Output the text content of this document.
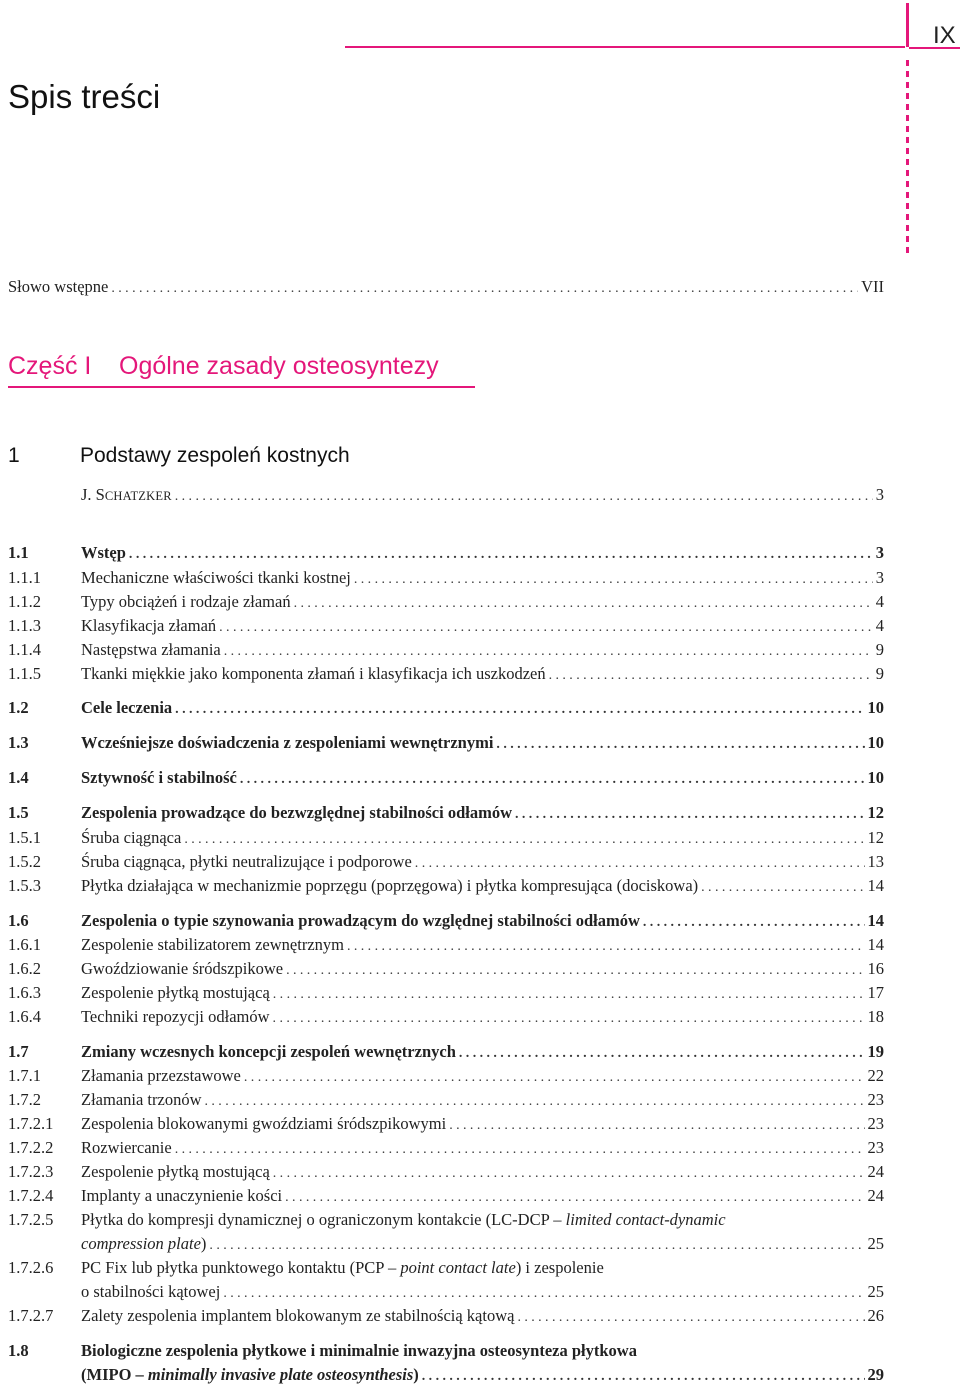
IX
Spis treści
Słowo wstępne .....	VII
Część I Ogólne zasady osteosyntezy
1	Podstawy zespoleń kostnych
J. SCHATZKER .....	3
1.1	Wstęp .....	3
1.1.1 Mechaniczne właściwości tkanki kostnej .....	3
1.1.2 Typy obciążeń i rodzaje złamań .....	4
1.1.3 Klasyfikacja złamań .....	4
1.1.4 Następstwa złamania .....	9
1.1.5 Tkanki miękkie jako komponenta złamań i klasyfikacja ich uszkodzeń .....	9
1.2	Cele leczenia .....	10
1.3	Wcześniejsze doświadczenia z zespoleniami wewnętrznymi .....	10
1.4	Sztywność i stabilność .....	10
1.5	Zespolenia prowadzące do bezwzględnej stabilności odłamów .....	12
1.5.1 Śruba ciągnąca .....	12
1.5.2 Śruba ciągnąca, płytki neutralizujące i podporowe .....	13
1.5.3 Płytka działająca w mechanizmie poprzęgu (poprzęgowa) i płytka kompresująca (dociskowa) .....	14
1.6	Zespolenia o typie szynowania prowadzącym do względnej stabilności odłamów .....	14
1.6.1 Zespolenie stabilizatorem zewnętrznym .....	14
1.6.2 Gwoździowanie śródszpikowe .....	16
1.6.3 Zespolenie płytką mostującą .....	17
1.6.4 Techniki repozycji odłamów .....	18
1.7	Zmiany wczesnych koncepcji zespoleń wewnętrznych .....	19
1.7.1 Złamania przezstawowe .....	22
1.7.2 Złamania trzonów .....	23
1.7.2.1 Zespolenia blokowanymi gwoździami śródszpikowymi .....	23
1.7.2.2 Rozwiercanie .....	23
1.7.2.3 Zespolenie płytką mostującą .....	24
1.7.2.4 Implanty a unaczynienie kości .....	24
1.7.2.5 Płytka do kompresji dynamicznej o ograniczonym kontakcie (LC-DCP – limited contact-dynamic
compression plate) .....	25
1.7.2.6 PC Fix lub płytka punktowego kontaktu (PCP – point contact late) i zespolenie
o stabilności kątowej .....	25
1.7.2.7 Zalety zespolenia implantem blokowanym ze stabilnością kątową .....	26
1.8	Biologiczne zespolenia płytkowe i minimalnie inwazyjna osteosynteza płytkowa
(MIPO – minimally invasive plate osteosynthesis) .....	29
